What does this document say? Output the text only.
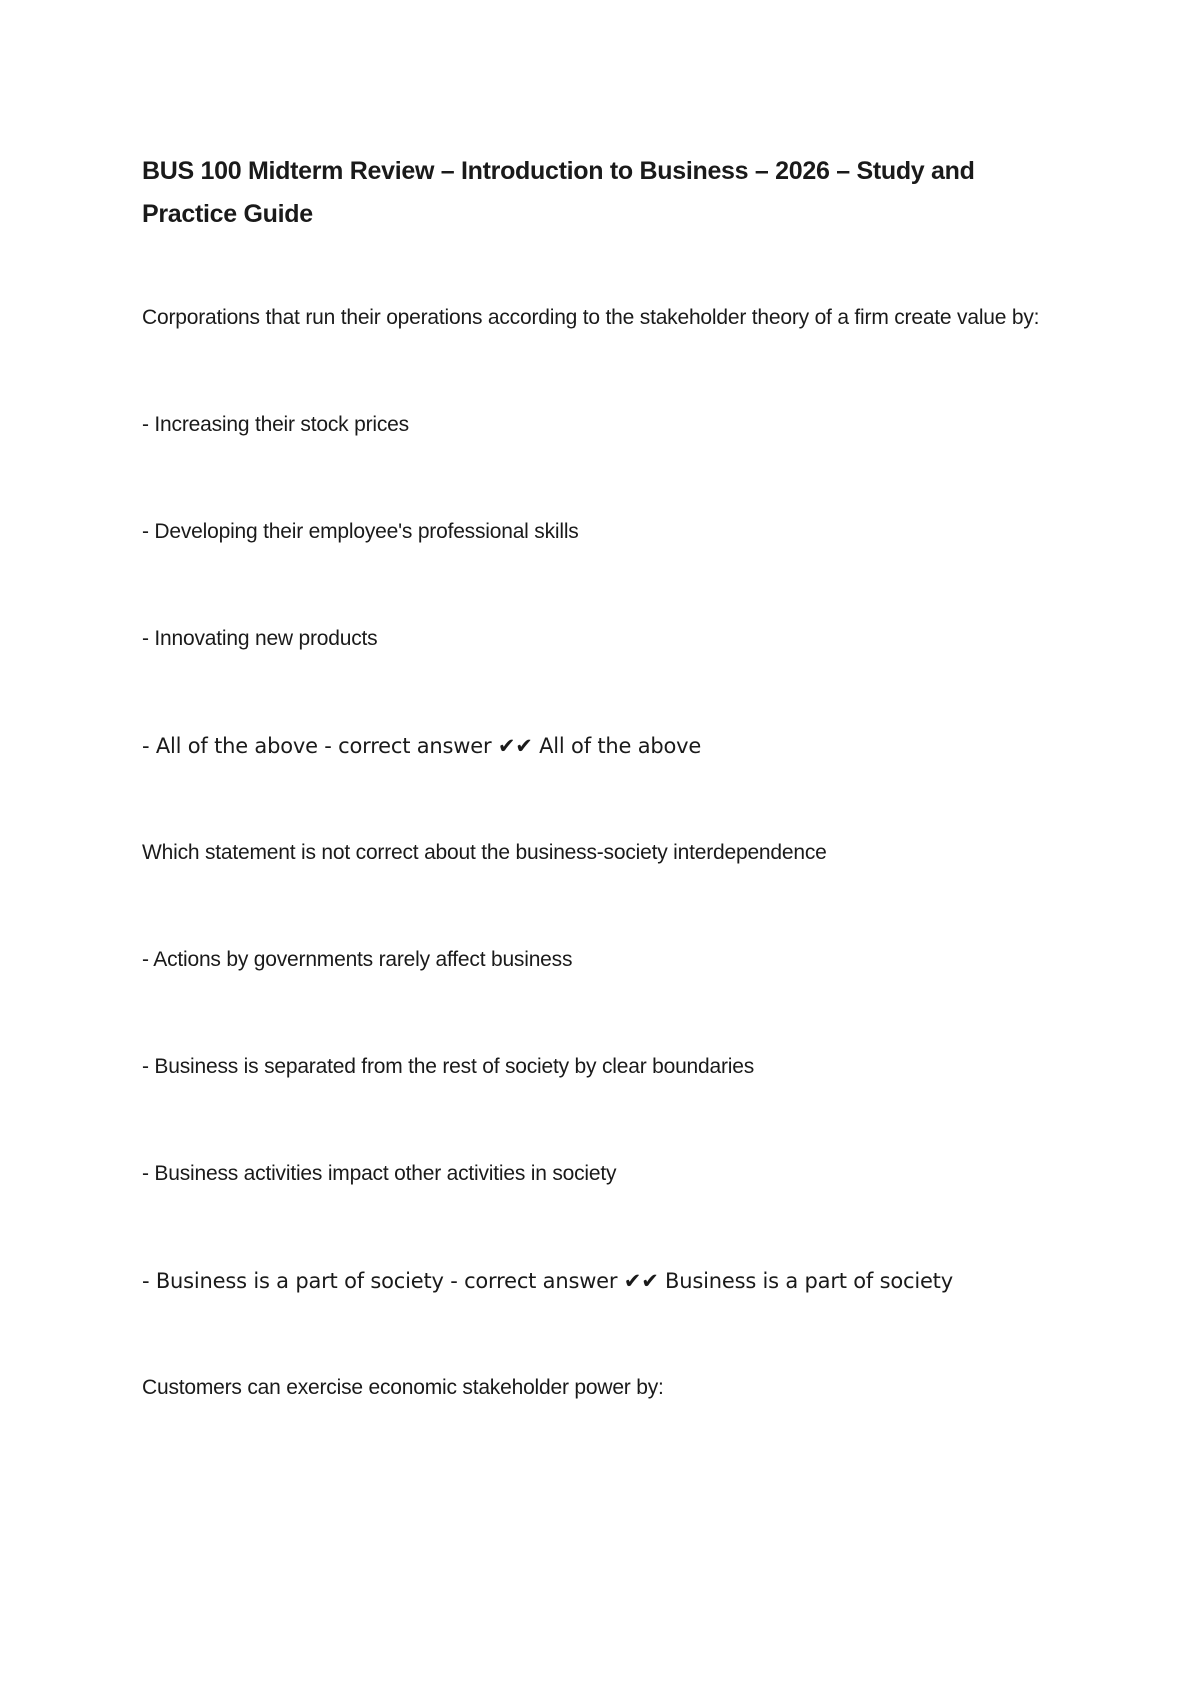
BUS 100 Midterm Review – Introduction to Business – 2026 – Study and Practice Guide

Corporations that run their operations according to the stakeholder theory of a firm create value by:

- Increasing their stock prices

- Developing their employee's professional skills

- Innovating new products

- All of the above - correct answer ✔✔ All of the above

Which statement is not correct about the business-society interdependence

- Actions by governments rarely affect business

- Business is separated from the rest of society by clear boundaries

- Business activities impact other activities in society

- Business is a part of society - correct answer ✔✔ Business is a part of society

Customers can exercise economic stakeholder power by:
